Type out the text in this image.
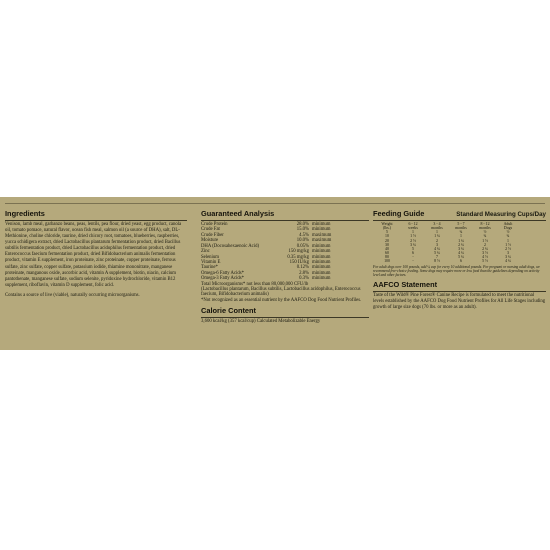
Ingredients

Venison, lamb meal, garbanzo beans, peas, lentils, pea flour, dried yeast, egg product, canola oil, tomato pomace, natural flavor, ocean fish meal, salmon oil (a source of DHA), salt, DL-Methionine, choline chloride, taurine, dried chicory root, tomatoes, blueberries, raspberries, yucca schidigera extract, dried Lactobacillus plantarum fermentation product, dried Bacillus subtilis fermentation product, dried Lactobacillus acidophilus fermentation product, dried Enterococcus faecium fermentation product, dried Bifidobacterium animalis fermentation product, vitamin E supplement, iron proteinate, zinc proteinate, copper proteinate, ferrous sulfate, zinc sulfate, copper sulfate, potassium iodide, thiamine mononitrate, manganese proteinate, manganous oxide, ascorbic acid, vitamin A supplement, biotin, niacin, calcium pantothenate, manganese sulfate, sodium selenite, pyridoxine hydrochloride, vitamin B12 supplement, riboflavin, vitamin D supplement, folic acid.

Contains a source of live (viable), naturally occurring microorganisms.

Guaranteed Analysis
Crude Protein	28.0%	minimum
Crude Fat	15.0%	minimum
Crude Fiber	4.5%	maximum
Moisture	10.0%	maximum
DHA (Docosahexaenoic Acid)	0.05%	minimum
Zinc	150 mg/kg	minimum
Selenium	0.35 mg/kg	minimum
Vitamin E	150 IU/kg	minimum
Taurine*	0.12%	minimum
Omega-6 Fatty Acids*	2.8%	minimum
Omega-3 Fatty Acids*	0.3%	minimum
Total Microorganisms* not less than 80,000,000 CFU/lb		
(Lactobacillus plantarum, Bacillus subtilis, Lactobacillus acidophilus, Enterococcus faecium, Bifidobacterium animalis)		
*Not recognized as an essential nutrient by the AAFCO Dog Food Nutrient Profiles.		
Calorie Content

3,600 kcal/kg (357 kcal/cup) Calculated Metabolizable Energy

Feeding Guide	Standard Measuring Cups/Day
Weight	6 - 12	3 - 4	5 - 7	8 - 12	Adult
(lbs.)	weeks	months	months	months	Dogs
5	1	1	¾	½	½
10	1 ½	1 ¾	1	¾	¾
20	2 ½	2	1 ¾	1 ½	1
30	3 ¾	3	2 ¾	2	1 ½
40	5	4 ¾	3 ¾	2 ¾	2 ½
60	6	5 ¾	4 ¾	3 ½	3
80	-	7	5 ¾	4 ½	3 ¾
100	-	8 ½	6	5 ½	4 ¾

For adult dogs over 100 pounds, add ¼ cup for every 10 additional pounds. For pregnant or nursing adult dogs, we recommend free-choice feeding. Some dogs may require more or less food than the guidelines depending on activity level and other factors.

AAFCO Statement

Taste of the Wild® Pine Forest® Canine Recipe is formulated to meet the nutritional levels established by the AAFCO Dog Food Nutrient Profiles for All Life Stages including growth of large size dogs (70 lbs. or more as an adult).
